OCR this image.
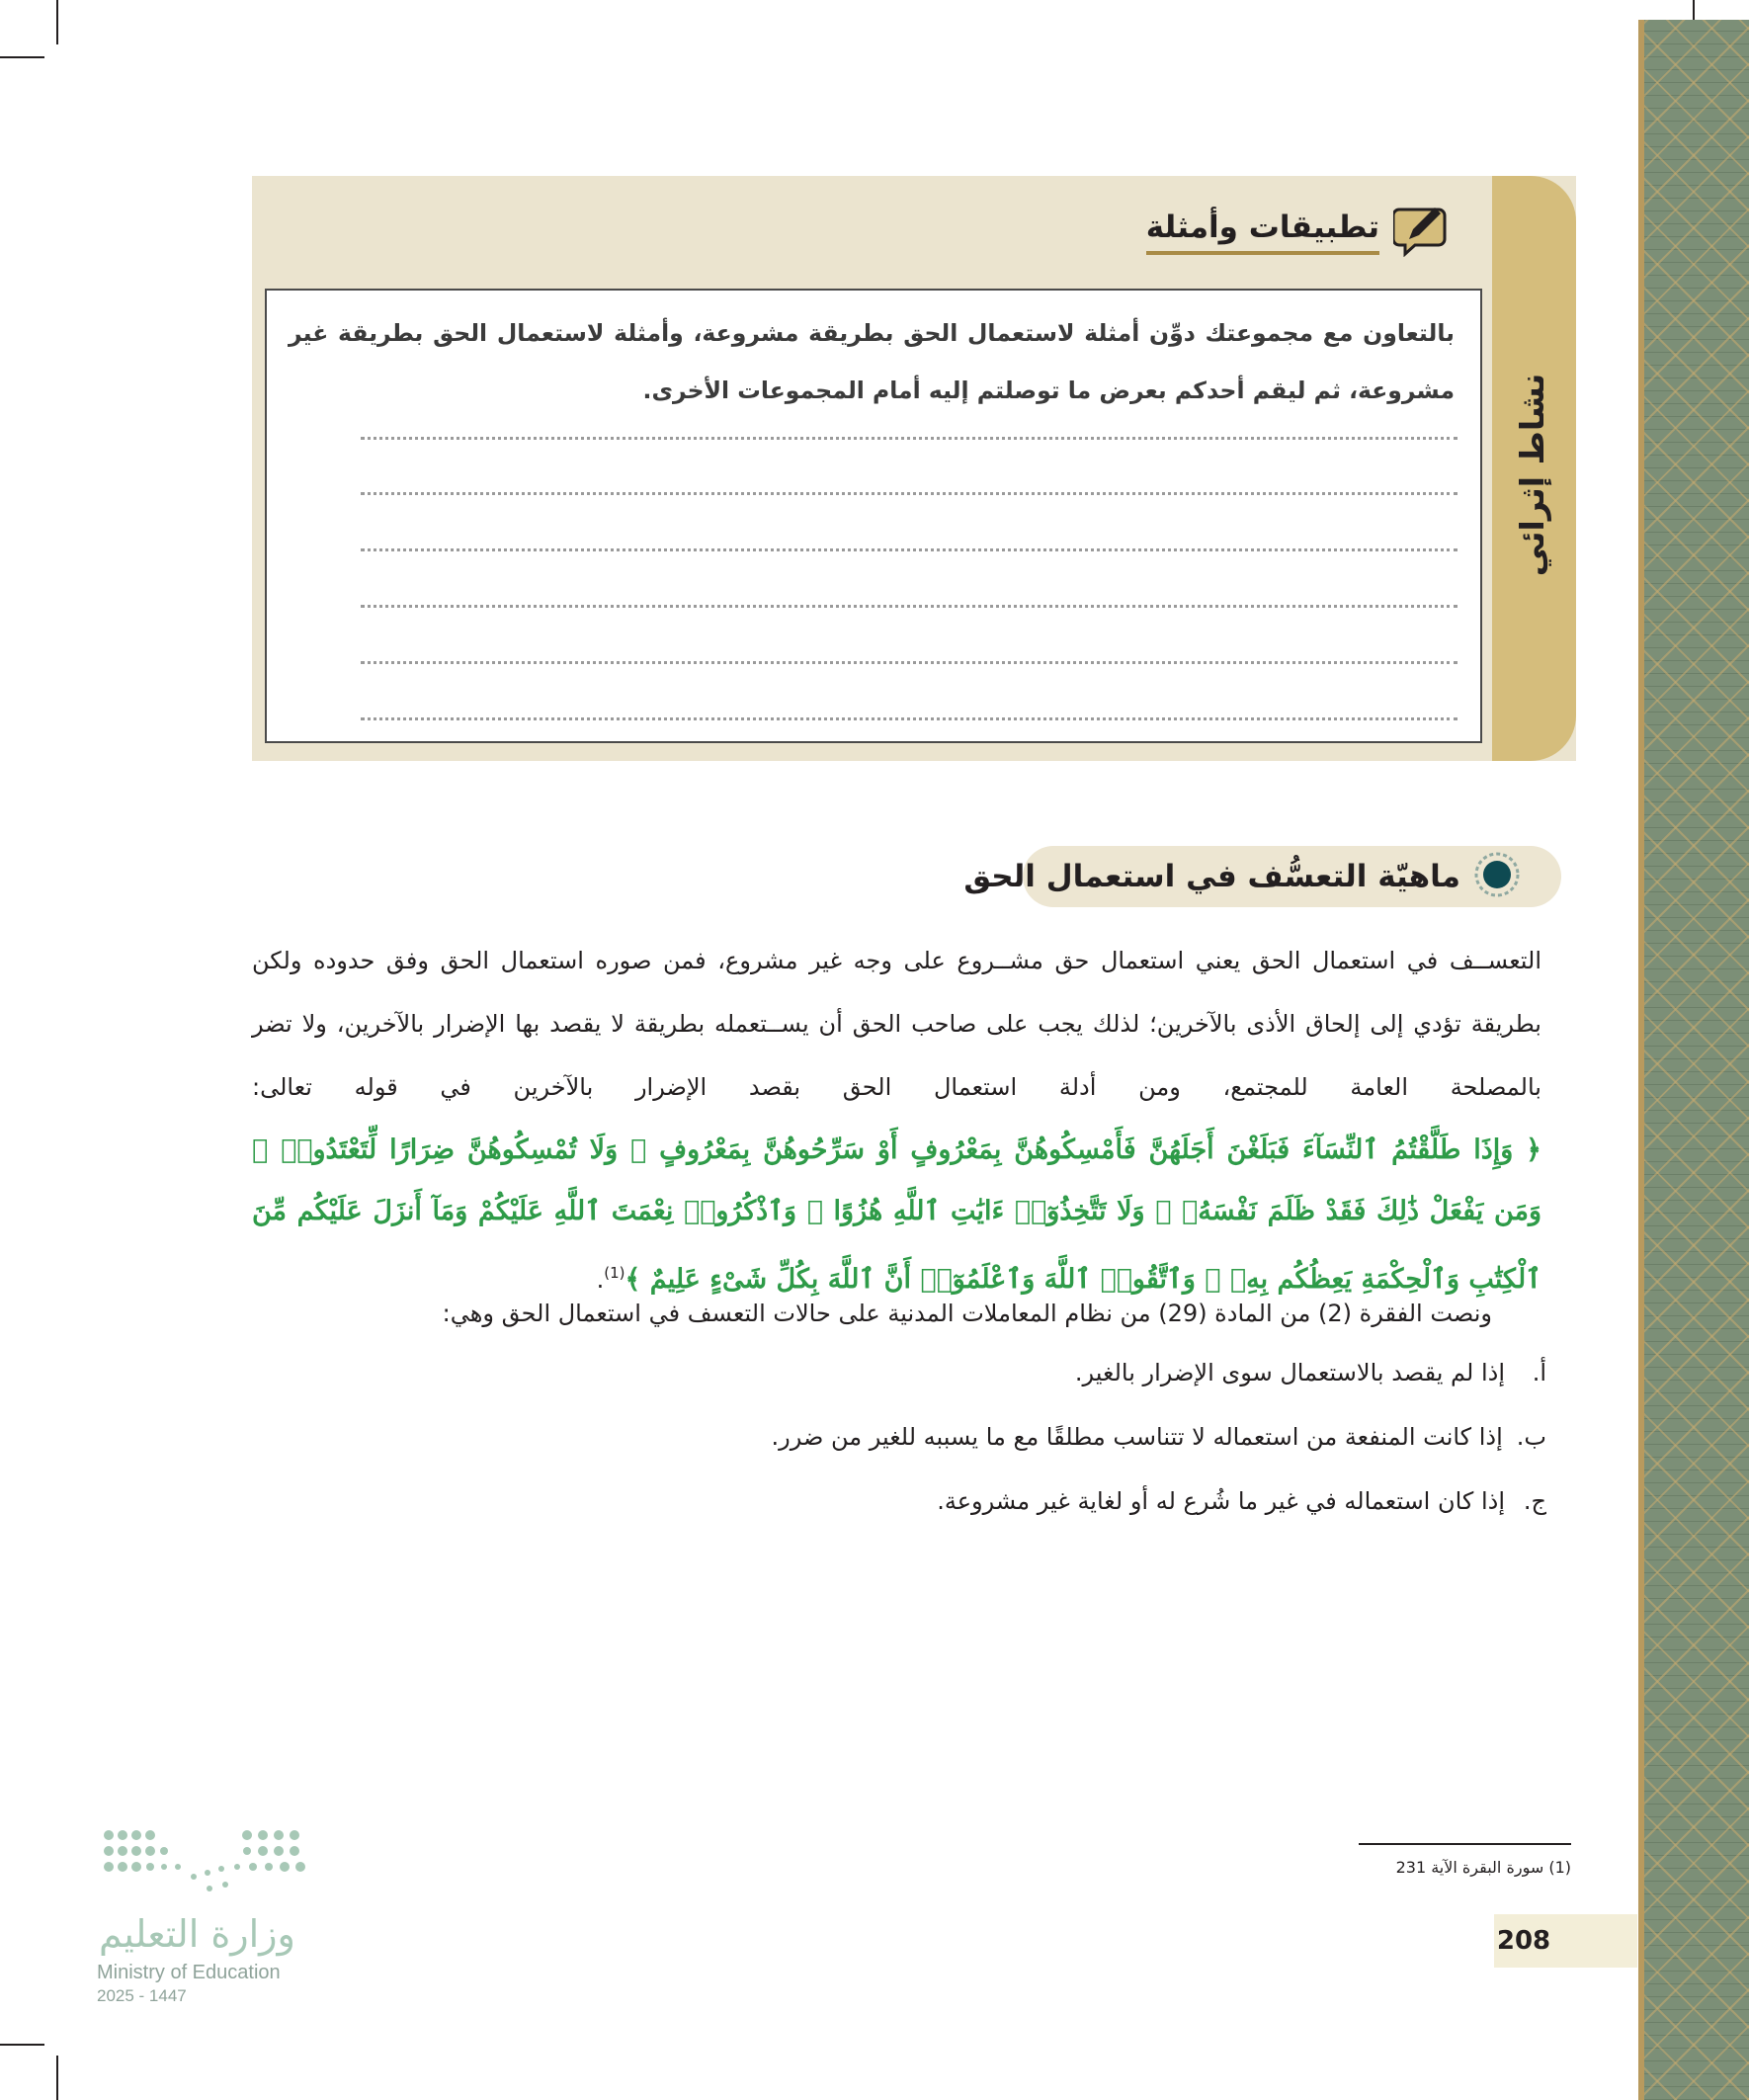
نشاط إثرائي
تطبيقات وأمثلة
بالتعاون مع مجموعتك دوِّن أمثلة لاستعمال الحق بطريقة مشروعة، وأمثلة لاستعمال الحق بطريقة غير مشروعة، ثم ليقم أحدكم بعرض ما توصلتم إليه أمام المجموعات الأخرى.
ماهيّة التعسُّف في استعمال الحق
التعســف في استعمال الحق يعني استعمال حق مشــروع على وجه غير مشروع، فمن صوره استعمال الحق وفق حدوده ولكن بطريقة تؤدي إلى إلحاق الأذى بالآخرين؛ لذلك يجب على صاحب الحق أن يســتعمله بطريقة لا يقصد بها الإضرار بالآخرين، ولا تضر بالمصلحة العامة للمجتمع، ومن أدلة استعمال الحق بقصد الإضرار بالآخرين في قوله تعالى:
﴿ وَإِذَا طَلَّقْتُمُ ٱلنِّسَآءَ فَبَلَغْنَ أَجَلَهُنَّ فَأَمْسِكُوهُنَّ بِمَعْرُوفٍ أَوْ سَرِّحُوهُنَّ بِمَعْرُوفٍ ۚ وَلَا تُمْسِكُوهُنَّ ضِرَارًا لِّتَعْتَدُوا۟ ۚ وَمَن يَفْعَلْ ذَٰلِكَ فَقَدْ ظَلَمَ نَفْسَهُۥ ۚ وَلَا تَتَّخِذُوٓا۟ ءَايَٰتِ ٱللَّهِ هُزُوًا ۚ وَٱذْكُرُوا۟ نِعْمَتَ ٱللَّهِ عَلَيْكُمْ وَمَآ أَنزَلَ عَلَيْكُم مِّنَ ٱلْكِتَٰبِ وَٱلْحِكْمَةِ يَعِظُكُم بِهِۦ ۚ وَٱتَّقُوا۟ ٱللَّهَ وَٱعْلَمُوٓا۟ أَنَّ ٱللَّهَ بِكُلِّ شَىْءٍ عَلِيمٌ ﴾$^{(1)}$.
ونصت الفقرة (2) من المادة (29) من نظام المعاملات المدنية على حالات التعسف في استعمال الحق وهي:
أ.
إذا لم يقصد بالاستعمال سوى الإضرار بالغير.
ب.
إذا كانت المنفعة من استعماله لا تتناسب مطلقًا مع ما يسببه للغير من ضرر.
ج.
إذا كان استعماله في غير ما شُرع له أو لغاية غير مشروعة.
(1) سورة البقرة الآية 231
208
وزارة التعليم
Ministry of Education
2025 - 1447
